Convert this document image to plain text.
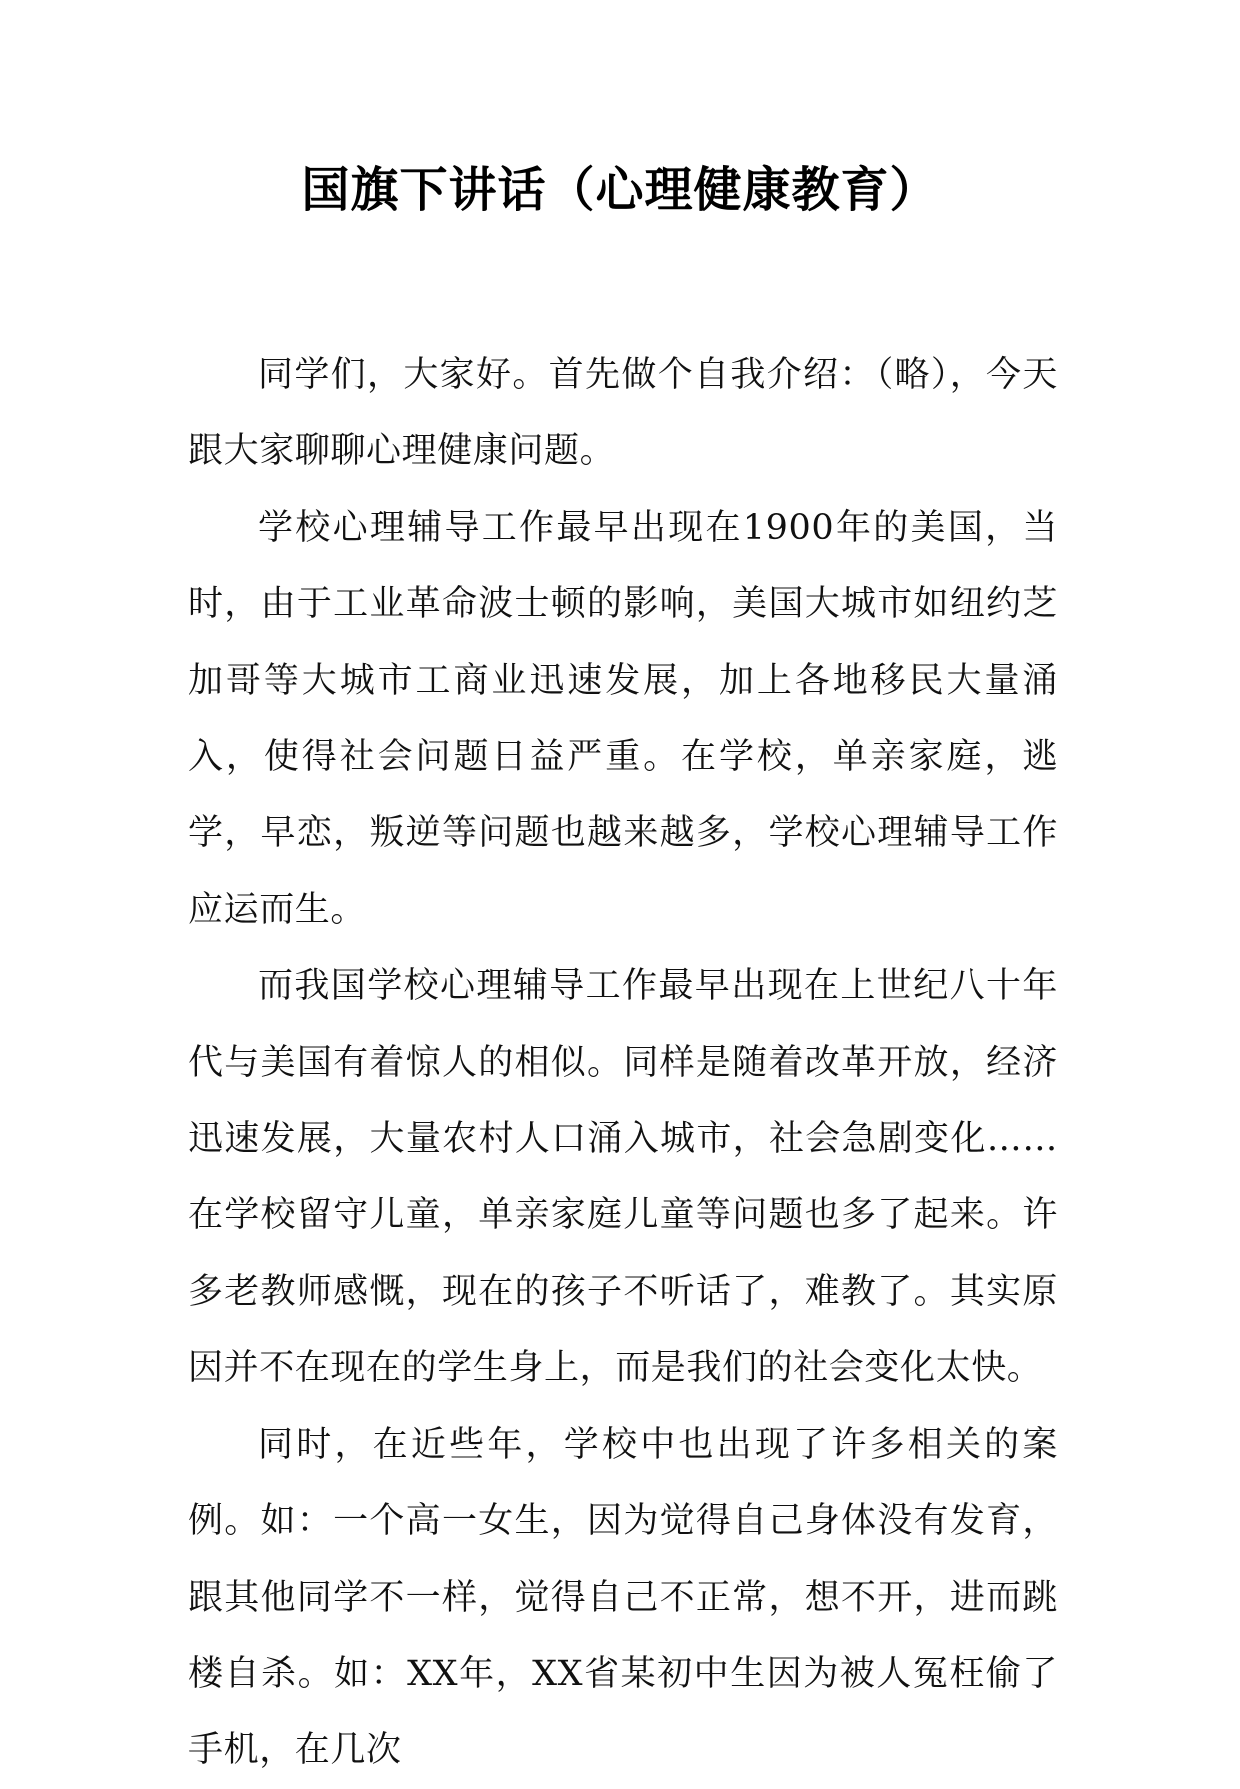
国旗下讲话（心理健康教育）

同学们，大家好。首先做个自我介绍：（略），今天跟大家聊聊心理健康问题。

学校心理辅导工作最早出现在1900年的美国，当时，由于工业革命波士顿的影响，美国大城市如纽约芝加哥等大城市工商业迅速发展，加上各地移民大量涌入，使得社会问题日益严重。在学校，单亲家庭，逃学，早恋，叛逆等问题也越来越多，学校心理辅导工作应运而生。

而我国学校心理辅导工作最早出现在上世纪八十年代与美国有着惊人的相似。同样是随着改革开放，经济迅速发展，大量农村人口涌入城市，社会急剧变化……在学校留守儿童，单亲家庭儿童等问题也多了起来。许多老教师感慨，现在的孩子不听话了，难教了。其实原因并不在现在的学生身上，而是我们的社会变化太快。

同时，在近些年，学校中也出现了许多相关的案例。如：一个高一女生，因为觉得自己身体没有发育，跟其他同学不一样，觉得自己不正常，想不开，进而跳楼自杀。如：XX年，XX省某初中生因为被人冤枉偷了手机，在几次
